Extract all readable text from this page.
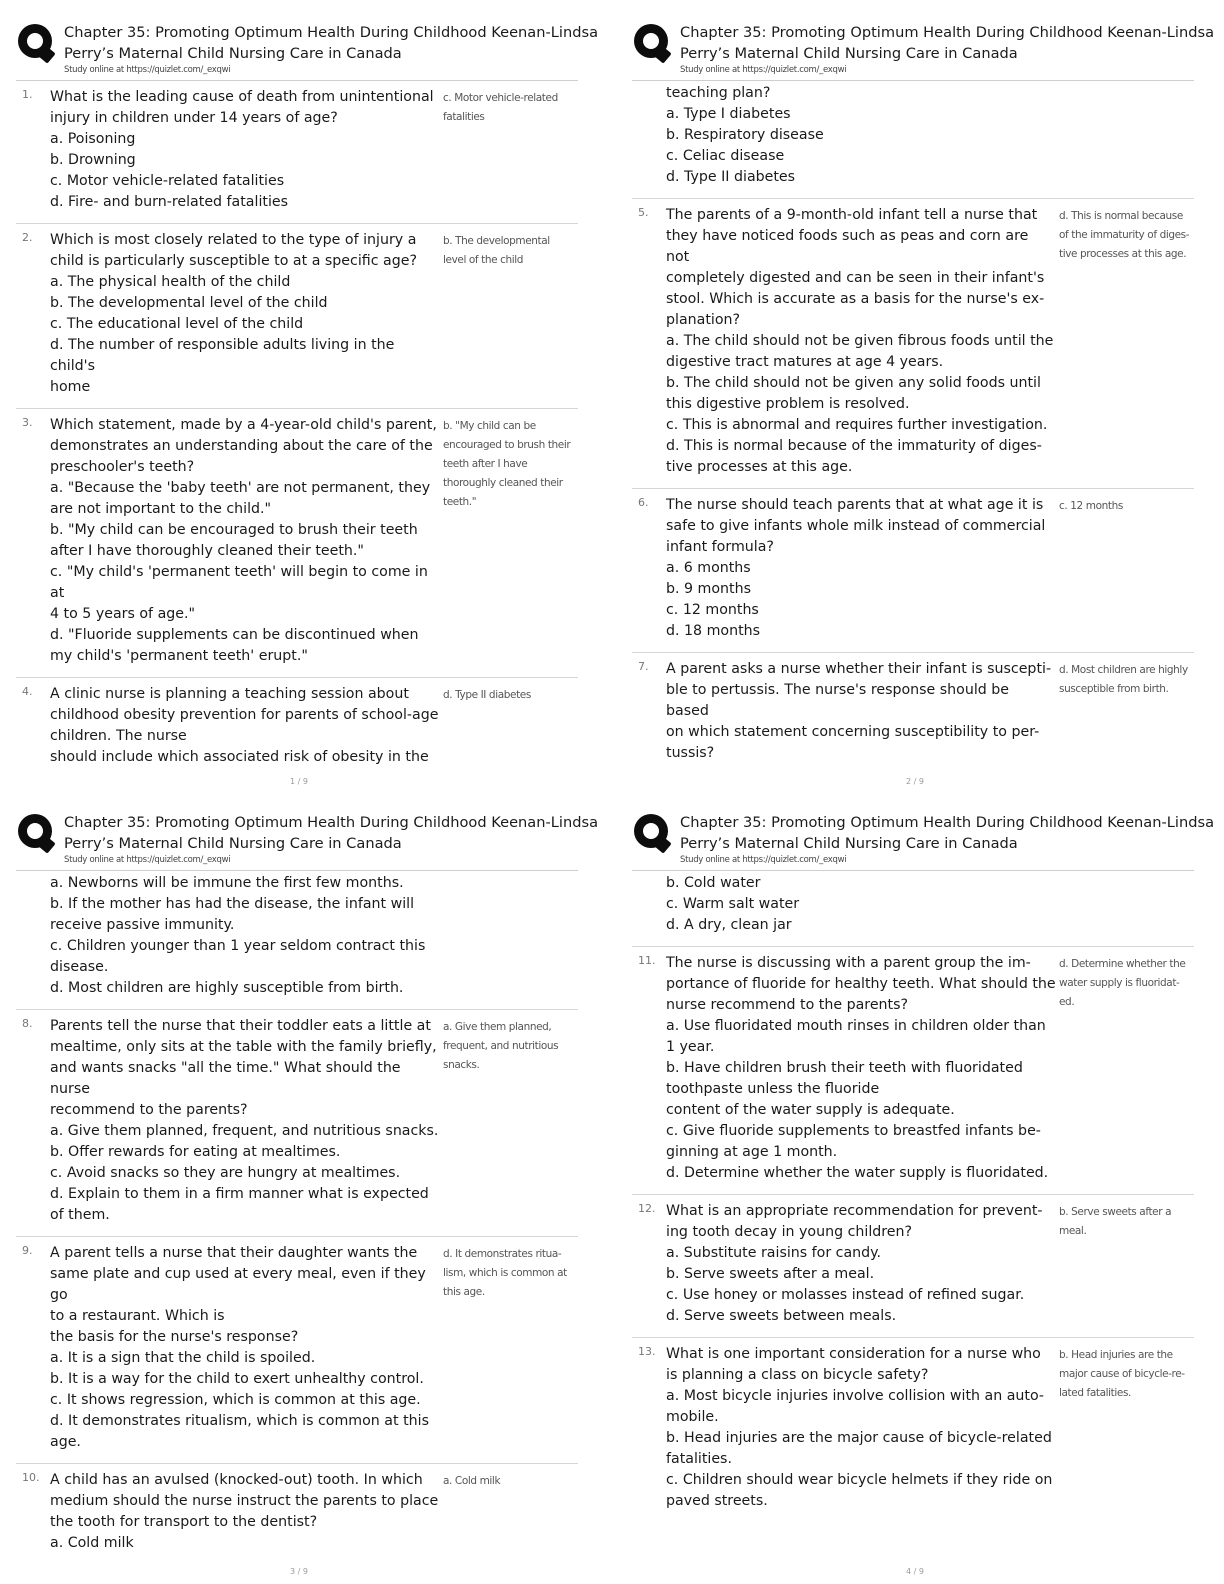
Chapter 35: Promoting Optimum Health During Childhood Keenan-Lindsa
Perry’s Maternal Child Nursing Care in Canada
Study online at https://quizlet.com/_exqwi
1. What is the leading cause of death from unintentional
injury in children under 14 years of age?
a. Poisoning
b. Drowning
c. Motor vehicle-related fatalities
d. Fire- and burn-related fatalities
c. Motor vehicle-related fatalities
2. Which is most closely related to the type of injury a
child is particularly susceptible to at a specific age?
a. The physical health of the child
b. The developmental level of the child
c. The educational level of the child
d. The number of responsible adults living in the child's
home
b. The developmental level of the child
3. Which statement, made by a 4-year-old child's parent,
demonstrates an understanding about the care of the
preschooler's teeth?
a. "Because the 'baby teeth' are not permanent, they
are not important to the child."
b. "My child can be encouraged to brush their teeth
after I have thoroughly cleaned their teeth."
c. "My child's 'permanent teeth' will begin to come in at
4 to 5 years of age."
d. "Fluoride supplements can be discontinued when
my child's 'permanent teeth' erupt."
b. "My child can be encouraged to brush their teeth after I have thoroughly cleaned their teeth."
4. A clinic nurse is planning a teaching session about
childhood obesity prevention for parents of school-age
children. The nurse
should include which associated risk of obesity in the
d. Type II diabetes
1 / 9
Chapter 35: Promoting Optimum Health During Childhood Keenan-Lindsa
Perry’s Maternal Child Nursing Care in Canada
Study online at https://quizlet.com/_exqwi
teaching plan?
a. Type I diabetes
b. Respiratory disease
c. Celiac disease
d. Type II diabetes
5. The parents of a 9-month-old infant tell a nurse that
they have noticed foods such as peas and corn are not
completely digested and can be seen in their infant's
stool. Which is accurate as a basis for the nurse's ex-
planation?
a. The child should not be given fibrous foods until the
digestive tract matures at age 4 years.
b. The child should not be given any solid foods until
this digestive problem is resolved.
c. This is abnormal and requires further investigation.
d. This is normal because of the immaturity of diges-
tive processes at this age.
d. This is normal because of the immaturity of diges-tive processes at this age.
6. The nurse should teach parents that at what age it is
safe to give infants whole milk instead of commercial
infant formula?
a. 6 months
b. 9 months
c. 12 months
d. 18 months
c. 12 months
7. A parent asks a nurse whether their infant is suscepti-
ble to pertussis. The nurse's response should be based
on which statement concerning susceptibility to per-
tussis?
d. Most children are highly susceptible from birth.
2 / 9
Chapter 35: Promoting Optimum Health During Childhood Keenan-Lindsa
Perry’s Maternal Child Nursing Care in Canada
Study online at https://quizlet.com/_exqwi
a. Newborns will be immune the first few months.
b. If the mother has had the disease, the infant will
receive passive immunity.
c. Children younger than 1 year seldom contract this
disease.
d. Most children are highly susceptible from birth.
8. Parents tell the nurse that their toddler eats a little at
mealtime, only sits at the table with the family briefly,
and wants snacks "all the time." What should the nurse
recommend to the parents?
a. Give them planned, frequent, and nutritious snacks.
b. Offer rewards for eating at mealtimes.
c. Avoid snacks so they are hungry at mealtimes.
d. Explain to them in a firm manner what is expected
of them.
a. Give them planned, frequent, and nutritious snacks.
9. A parent tells a nurse that their daughter wants the
same plate and cup used at every meal, even if they go
to a restaurant. Which is
the basis for the nurse's response?
a. It is a sign that the child is spoiled.
b. It is a way for the child to exert unhealthy control.
c. It shows regression, which is common at this age.
d. It demonstrates ritualism, which is common at this
age.
d. It demonstrates ritua-lism, which is common at this age.
10. A child has an avulsed (knocked-out) tooth. In which
medium should the nurse instruct the parents to place
the tooth for transport to the dentist?
a. Cold milk
a. Cold milk
3 / 9
Chapter 35: Promoting Optimum Health During Childhood Keenan-Lindsa
Perry’s Maternal Child Nursing Care in Canada
Study online at https://quizlet.com/_exqwi
b. Cold water
c. Warm salt water
d. A dry, clean jar
11. The nurse is discussing with a parent group the im-
portance of fluoride for healthy teeth. What should the
nurse recommend to the parents?
a. Use fluoridated mouth rinses in children older than
1 year.
b. Have children brush their teeth with fluoridated
toothpaste unless the fluoride
content of the water supply is adequate.
c. Give fluoride supplements to breastfed infants be-
ginning at age 1 month.
d. Determine whether the water supply is fluoridated.
d. Determine whether the water supply is fluoridat-ed.
12. What is an appropriate recommendation for prevent-
ing tooth decay in young children?
a. Substitute raisins for candy.
b. Serve sweets after a meal.
c. Use honey or molasses instead of refined sugar.
d. Serve sweets between meals.
b. Serve sweets after a meal.
13. What is one important consideration for a nurse who
is planning a class on bicycle safety?
a. Most bicycle injuries involve collision with an auto-
mobile.
b. Head injuries are the major cause of bicycle-related
fatalities.
c. Children should wear bicycle helmets if they ride on
paved streets.
b. Head injuries are the major cause of bicycle-re-lated fatalities.
4 / 9
